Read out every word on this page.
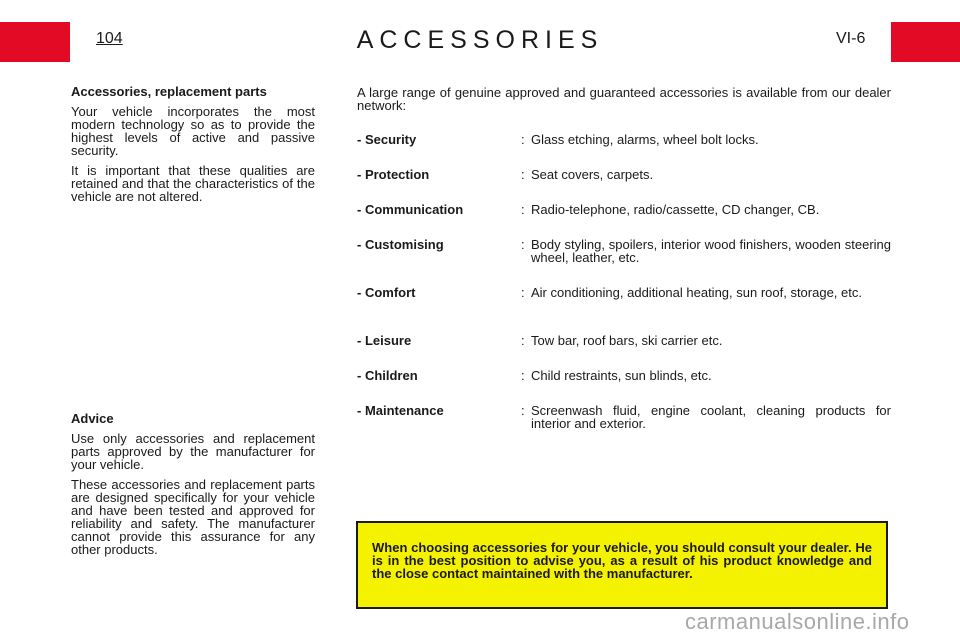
104	ACCESSORIES	VI-6
Accessories, replacement parts

Your vehicle incorporates the most modern technology so as to provide the highest levels of active and passive security.

It is important that these qualities are retained and that the characteristics of the vehicle are not altered.

Advice

Use only accessories and replacement parts approved by the manufacturer for your vehicle.

These accessories and replacement parts are designed specifically for your vehicle and have been tested and approved for reliability and safety. The manufacturer cannot provide this assurance for any other products.

A large range of genuine approved and guaranteed accessories is available from our dealer network:
- Security	: Glass etching, alarms, wheel bolt locks.
- Protection	: Seat covers, carpets.
- Communication	: Radio-telephone, radio/cassette, CD changer, CB.
- Customising	: Body styling, spoilers, interior wood finishers, wooden steering wheel, leather, etc.
- Comfort	: Air conditioning, additional heating, sun roof, storage, etc.
- Leisure	: Tow bar, roof bars, ski carrier etc.
- Children	: Child restraints, sun blinds, etc.
- Maintenance	: Screenwash fluid, engine coolant, cleaning products for interior and exterior.
When choosing accessories for your vehicle, you should consult your dealer. He is in the best position to advise you, as a result of his product knowledge and the close contact maintained with the manufacturer.
carmanualsonline.info
